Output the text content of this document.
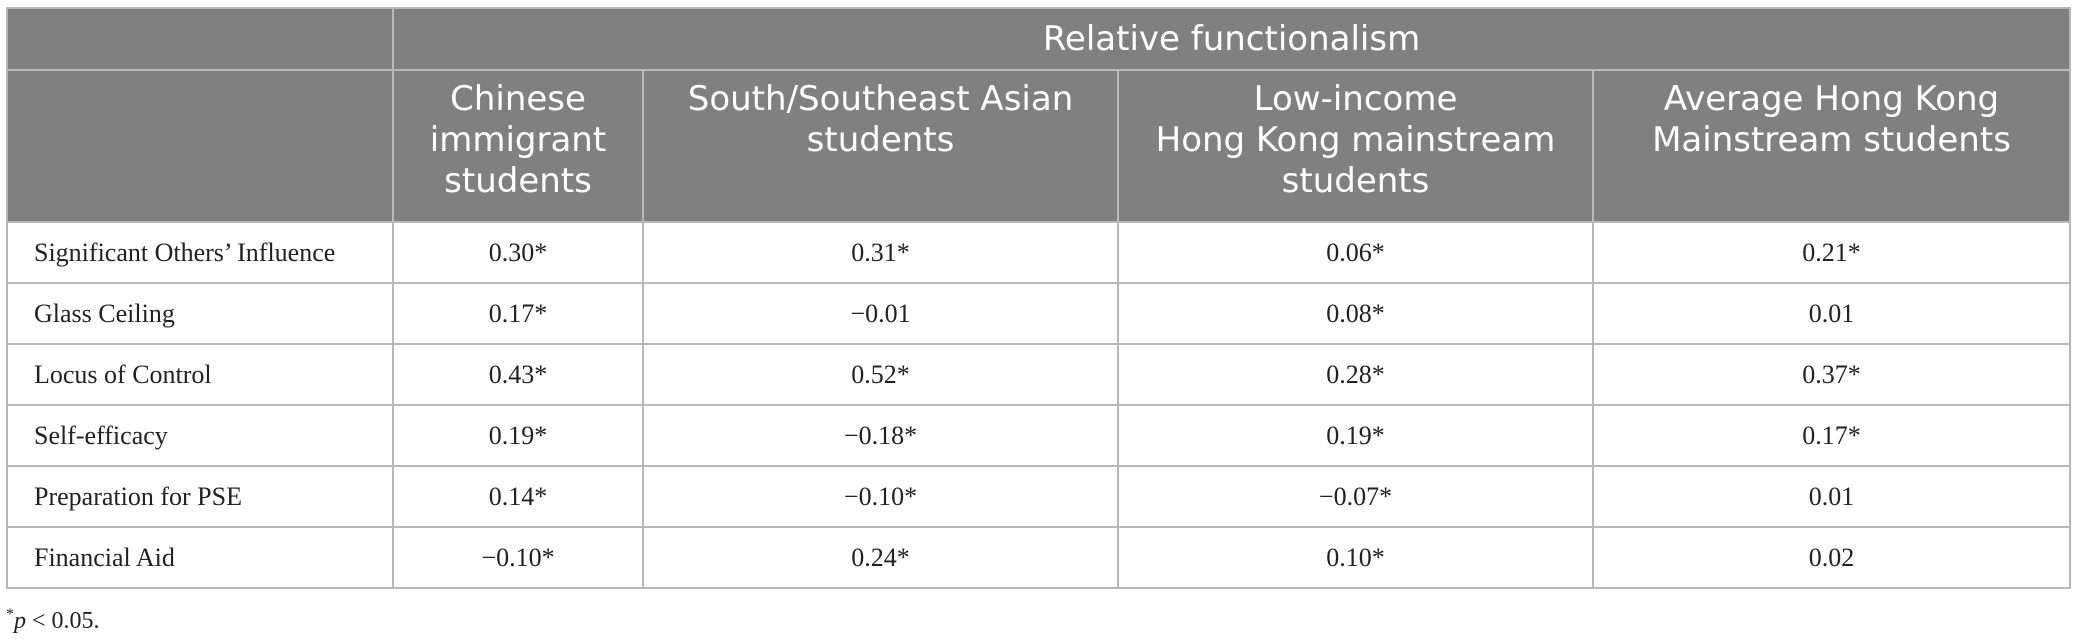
	Relative functionalism			
	Chinese
immigrant
students	South/Southeast Asian
students	Low-income
Hong Kong mainstream
students	Average Hong Kong
Mainstream students
Significant Others’ Influence	0.30*	0.31*	0.06*	0.21*
Glass Ceiling	0.17*	−0.01	0.08*	0.01
Locus of Control	0.43*	0.52*	0.28*	0.37*
Self-efficacy	0.19*	−0.18*	0.19*	0.17*
Preparation for PSE	0.14*	−0.10*	−0.07*	0.01
Financial Aid	−0.10*	0.24*	0.10*	0.02
*p < 0.05.
